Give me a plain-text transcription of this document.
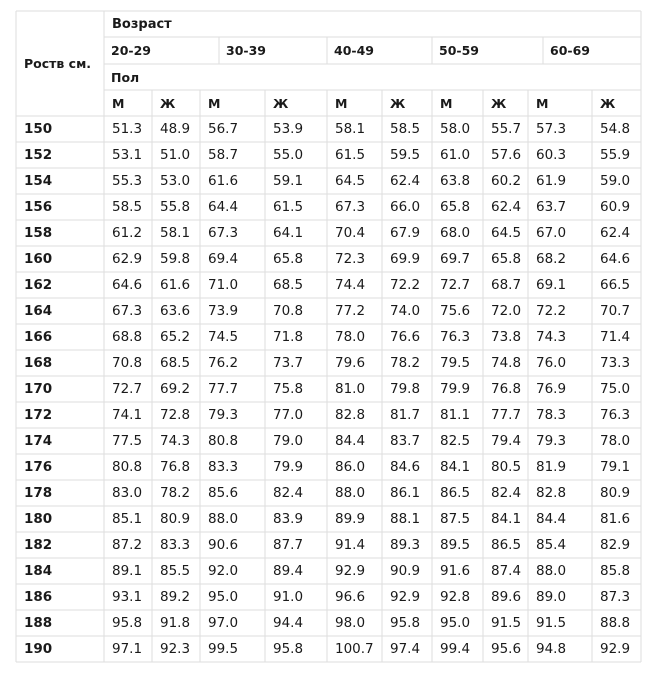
Роств см.
Возраст
20-29	30-39	40-49	50-59	60-69
Пол
М	Ж	М	Ж	М	Ж	М	Ж	М	Ж
150	51.3	48.9	56.7	53.9	58.1	58.5	58.0	55.7	57.3	54.8
152	53.1	51.0	58.7	55.0	61.5	59.5	61.0	57.6	60.3	55.9
154	55.3	53.0	61.6	59.1	64.5	62.4	63.8	60.2	61.9	59.0
156	58.5	55.8	64.4	61.5	67.3	66.0	65.8	62.4	63.7	60.9
158	61.2	58.1	67.3	64.1	70.4	67.9	68.0	64.5	67.0	62.4
160	62.9	59.8	69.4	65.8	72.3	69.9	69.7	65.8	68.2	64.6
162	64.6	61.6	71.0	68.5	74.4	72.2	72.7	68.7	69.1	66.5
164	67.3	63.6	73.9	70.8	77.2	74.0	75.6	72.0	72.2	70.7
166	68.8	65.2	74.5	71.8	78.0	76.6	76.3	73.8	74.3	71.4
168	70.8	68.5	76.2	73.7	79.6	78.2	79.5	74.8	76.0	73.3
170	72.7	69.2	77.7	75.8	81.0	79.8	79.9	76.8	76.9	75.0
172	74.1	72.8	79.3	77.0	82.8	81.7	81.1	77.7	78.3	76.3
174	77.5	74.3	80.8	79.0	84.4	83.7	82.5	79.4	79.3	78.0
176	80.8	76.8	83.3	79.9	86.0	84.6	84.1	80.5	81.9	79.1
178	83.0	78.2	85.6	82.4	88.0	86.1	86.5	82.4	82.8	80.9
180	85.1	80.9	88.0	83.9	89.9	88.1	87.5	84.1	84.4	81.6
182	87.2	83.3	90.6	87.7	91.4	89.3	89.5	86.5	85.4	82.9
184	89.1	85.5	92.0	89.4	92.9	90.9	91.6	87.4	88.0	85.8
186	93.1	89.2	95.0	91.0	96.6	92.9	92.8	89.6	89.0	87.3
188	95.8	91.8	97.0	94.4	98.0	95.8	95.0	91.5	91.5	88.8
190	97.1	92.3	99.5	95.8	100.7	97.4	99.4	95.6	94.8	92.9
